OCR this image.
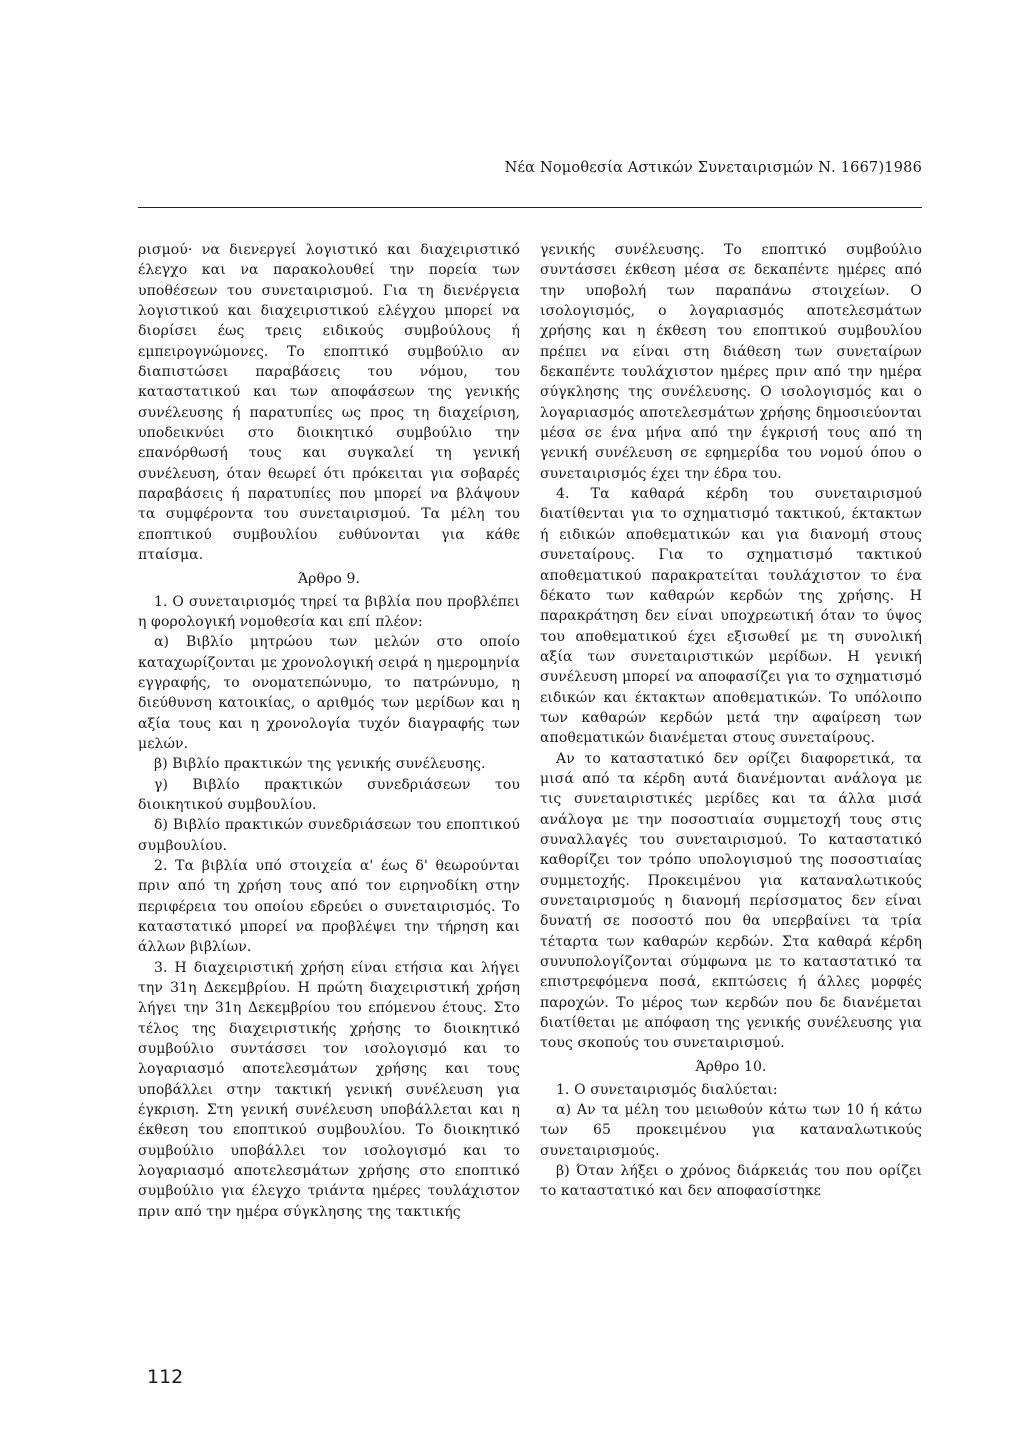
Νέα Νομοθεσία Αστικών Συνεταιρισμών Ν. 1667)1986

ρισμού· να διενεργεί λογιστικό και διαχειριστικό έλεγχο και να παρακολουθεί την πορεία των υποθέσεων του συνεταιρισμού. Για τη διενέργεια λογιστικού και διαχειριστικού ελέγχου μπορεί να διορίσει έως τρεις ειδικούς συμβούλους ή εμπειρογνώμονες. Το εποπτικό συμβούλιο αν διαπιστώσει παραβάσεις του νόμου, του καταστατικού και των αποφάσεων της γενικής συνέλευσης ή παρατυπίες ως προς τη διαχείριση, υποδεικνύει στο διοικητικό συμβούλιο την επανόρθωσή τους και συγκαλεί τη γενική συνέλευση, όταν θεωρεί ότι πρόκειται για σοβαρές παραβάσεις ή παρατυπίες που μπορεί να βλάψουν τα συμφέροντα του συνεταιρισμού. Τα μέλη του εποπτικού συμβουλίου ευθύνονται για κάθε πταίσμα.

Άρθρο 9.

1. Ο συνεταιρισμός τηρεί τα βιβλία που προβλέπει η φορολογική νομοθεσία και επί πλέον:

α) Βιβλίο μητρώου των μελών στο οποίο καταχωρίζονται με χρονολογική σειρά η ημερομηνία εγγραφής, το ονοματεπώνυμο, το πατρώνυμο, η διεύθυνση κατοικίας, ο αριθμός των μερίδων και η αξία τους και η χρονολογία τυχόν διαγραφής των μελών.

β) Βιβλίο πρακτικών της γενικής συνέλευσης.

γ) Βιβλίο πρακτικών συνεδριάσεων του διοικητικού συμβουλίου.

δ) Βιβλίο πρακτικών συνεδριάσεων του εποπτικού συμβουλίου.

2. Τα βιβλία υπό στοιχεία α' έως δ' θεωρούνται πριν από τη χρήση τους από τον ειρηνοδίκη στην περιφέρεια του οποίου εδρεύει ο συνεταιρισμός. Το καταστατικό μπορεί να προβλέψει την τήρηση και άλλων βιβλίων.

3. Η διαχειριστική χρήση είναι ετήσια και λήγει την 31η Δεκεμβρίου. Η πρώτη διαχειριστική χρήση λήγει την 31η Δεκεμβρίου του επόμενου έτους. Στο τέλος της διαχειριστικής χρήσης το διοικητικό συμβούλιο συντάσσει τον ισολογισμό και το λογαριασμό αποτελεσμάτων χρήσης και τους υποβάλλει στην τακτική γενική συνέλευση για έγκριση. Στη γενική συνέλευση υποβάλλεται και η έκθεση του εποπτικού συμβουλίου. Το διοικητικό συμβούλιο υποβάλλει τον ισολογισμό και το λογαριασμό αποτελεσμάτων χρήσης στο εποπτικό συμβούλιο για έλεγχο τριάντα ημέρες τουλάχιστον πριν από την ημέρα σύγκλησης της τακτικής

γενικής συνέλευσης. Το εποπτικό συμβούλιο συντάσσει έκθεση μέσα σε δεκαπέντε ημέρες από την υποβολή των παραπάνω στοιχείων. Ο ισολογισμός, ο λογαριασμός αποτελεσμάτων χρήσης και η έκθεση του εποπτικού συμβουλίου πρέπει να είναι στη διάθεση των συνεταίρων δεκαπέντε τουλάχιστον ημέρες πριν από την ημέρα σύγκλησης της συνέλευσης. Ο ισολογισμός και ο λογαριασμός αποτελεσμάτων χρήσης δημοσιεύονται μέσα σε ένα μήνα από την έγκρισή τους από τη γενική συνέλευση σε εφημερίδα του νομού όπου ο συνεταιρισμός έχει την έδρα του.

4. Τα καθαρά κέρδη του συνεταιρισμού διατίθενται για το σχηματισμό τακτικού, έκτακτων ή ειδικών αποθεματικών και για διανομή στους συνεταίρους. Για το σχηματισμό τακτικού αποθεματικού παρακρατείται τουλάχιστον το ένα δέκατο των καθαρών κερδών της χρήσης. Η παρακράτηση δεν είναι υποχρεωτική όταν το ύψος του αποθεματικού έχει εξισωθεί με τη συνολική αξία των συνεταιριστικών μερίδων. Η γενική συνέλευση μπορεί να αποφασίζει για το σχηματισμό ειδικών και έκτακτων αποθεματικών. Το υπόλοιπο των καθαρών κερδών μετά την αφαίρεση των αποθεματικών διανέμεται στους συνεταίρους.

Αν το καταστατικό δεν ορίζει διαφορετικά, τα μισά από τα κέρδη αυτά διανέμονται ανάλογα με τις συνεταιριστικές μερίδες και τα άλλα μισά ανάλογα με την ποσοστιαία συμμετοχή τους στις συναλλαγές του συνεταιρισμού. Το καταστατικό καθορίζει τον τρόπο υπολογισμού της ποσοστιαίας συμμετοχής. Προκειμένου για καταναλωτικούς συνεταιρισμούς η διανομή περίσσματος δεν είναι δυνατή σε ποσοστό που θα υπερβαίνει τα τρία τέταρτα των καθαρών κερδών. Στα καθαρά κέρδη συνυπολογίζονται σύμφωνα με το καταστατικό τα επιστρεφόμενα ποσά, εκπτώσεις ή άλλες μορφές παροχών. Το μέρος των κερδών που δε διανέμεται διατίθεται με απόφαση της γενικής συνέλευσης για τους σκοπούς του συνεταιρισμού.

Άρθρο 10.

1. Ο συνεταιρισμός διαλύεται:

α) Αν τα μέλη του μειωθούν κάτω των 10 ή κάτω των 65 προκειμένου για καταναλωτικούς συνεταιρισμούς.

β) Όταν λήξει ο χρόνος διάρκειάς του που ορίζει το καταστατικό και δεν αποφασίστηκε

112
